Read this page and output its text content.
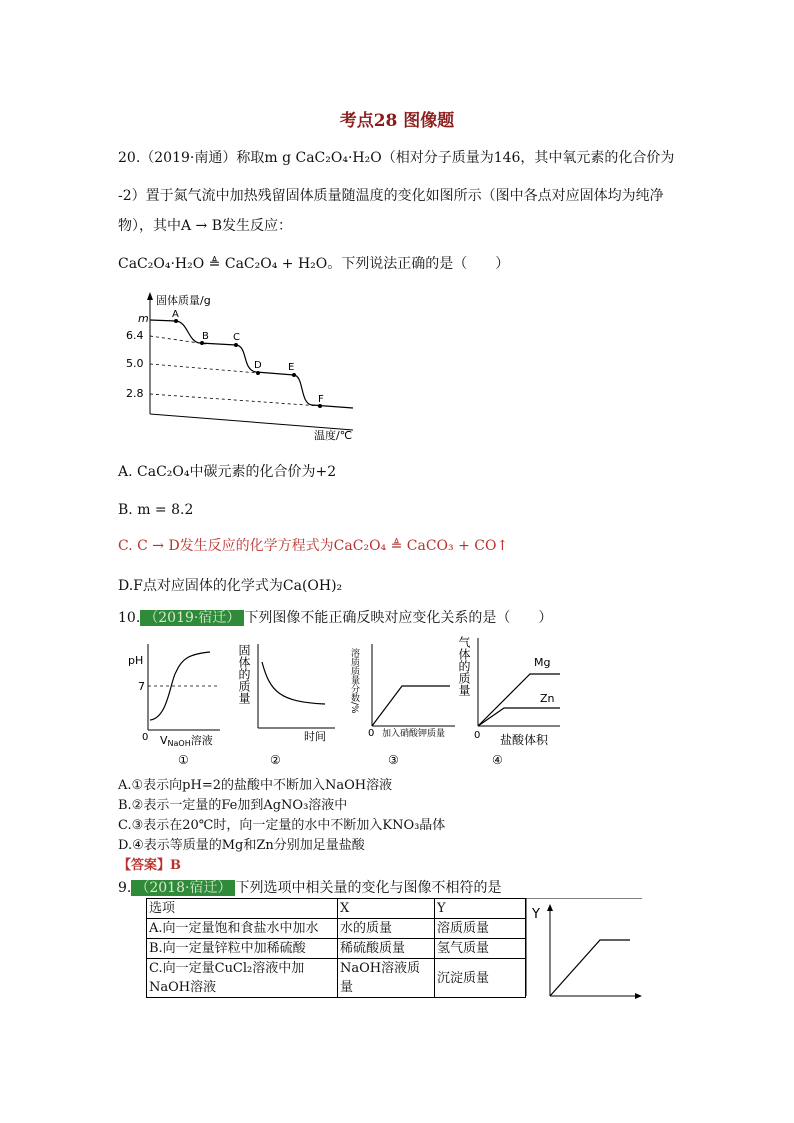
考点28 图像题
20.（2019·南通）称取m g CaC₂O₄·H₂O（相对分子质量为146，其中氧元素的化合价为
-2）置于氮气流中加热残留固体质量随温度的变化如图所示（图中各点对应固体均为纯净
物），其中A → B发生反应：
CaC₂O₄·H₂O ≜ CaC₂O₄ + H₂O。下列说法正确的是（　　）
固体质量/g
温度/℃
m
6.4
5.0
2.8
A
B C
D	E
F
A. CaC₂O₄中碳元素的化合价为+2
B. m = 8.2
C. C → D发生反应的化学方程式为CaC₂O₄ ≜ CaCO₃ + CO↑
D.F点对应固体的化学式为Ca(OH)₂
10. （2019·宿迁） 下列图像不能正确反映对应变化关系的是（　　）
pH
7
0 VNaOH溶液
①
固体的质量
时间
②
溶质质量分数/%
0 加入硝酸钾质量
③
气体的质量	Mg
Zn
0 盐酸体积
④
A.①表示向pH=2的盐酸中不断加入NaOH溶液
B.②表示一定量的Fe加到AgNO₃溶液中
C.③表示在20℃时，向一定量的水中不断加入KNO₃晶体
D.④表示等质量的Mg和Zn分别加足量盐酸
【答案】B
9. （2018·宿迁） 下列选项中相关量的变化与图像不相符的是
选项	X	Y
A.向一定量饱和食盐水中加水	水的质量	溶质质量
B.向一定量锌粒中加稀硫酸	稀硫酸质量	氢气质量
C.向一定量CuCl₂溶液中加NaOH溶液	NaOH溶液质量	沉淀质量
Y
